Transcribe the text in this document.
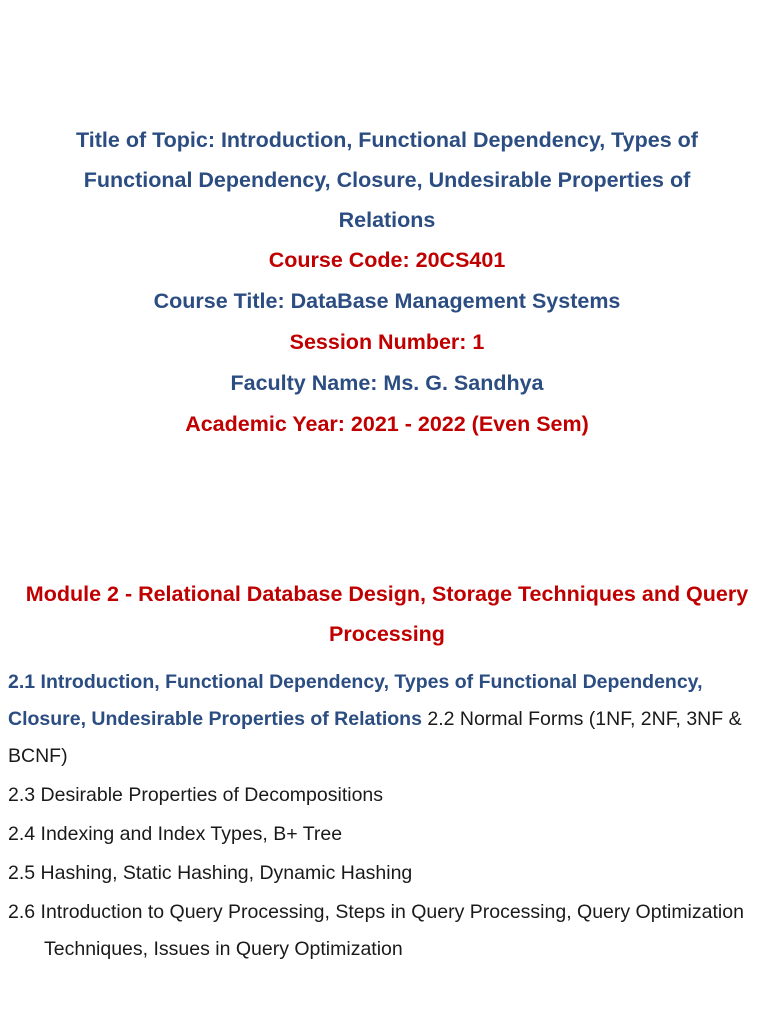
Title of Topic: Introduction, Functional Dependency, Types of Functional Dependency, Closure, Undesirable Properties of Relations

Course Code: 20CS401

Course Title: DataBase Management Systems

Session Number: 1

Faculty Name: Ms. G. Sandhya

Academic Year: 2021 - 2022 (Even Sem)

Module 2 - Relational Database Design, Storage Techniques and Query Processing

2.1 Introduction, Functional Dependency, Types of Functional Dependency, Closure, Undesirable Properties of Relations 2.2 Normal Forms (1NF, 2NF, 3NF & BCNF)

2.3 Desirable Properties of Decompositions

2.4 Indexing and Index Types, B+ Tree

2.5 Hashing, Static Hashing, Dynamic Hashing

2.6 Introduction to Query Processing, Steps in Query Processing, Query Optimization Techniques, Issues in Query Optimization
